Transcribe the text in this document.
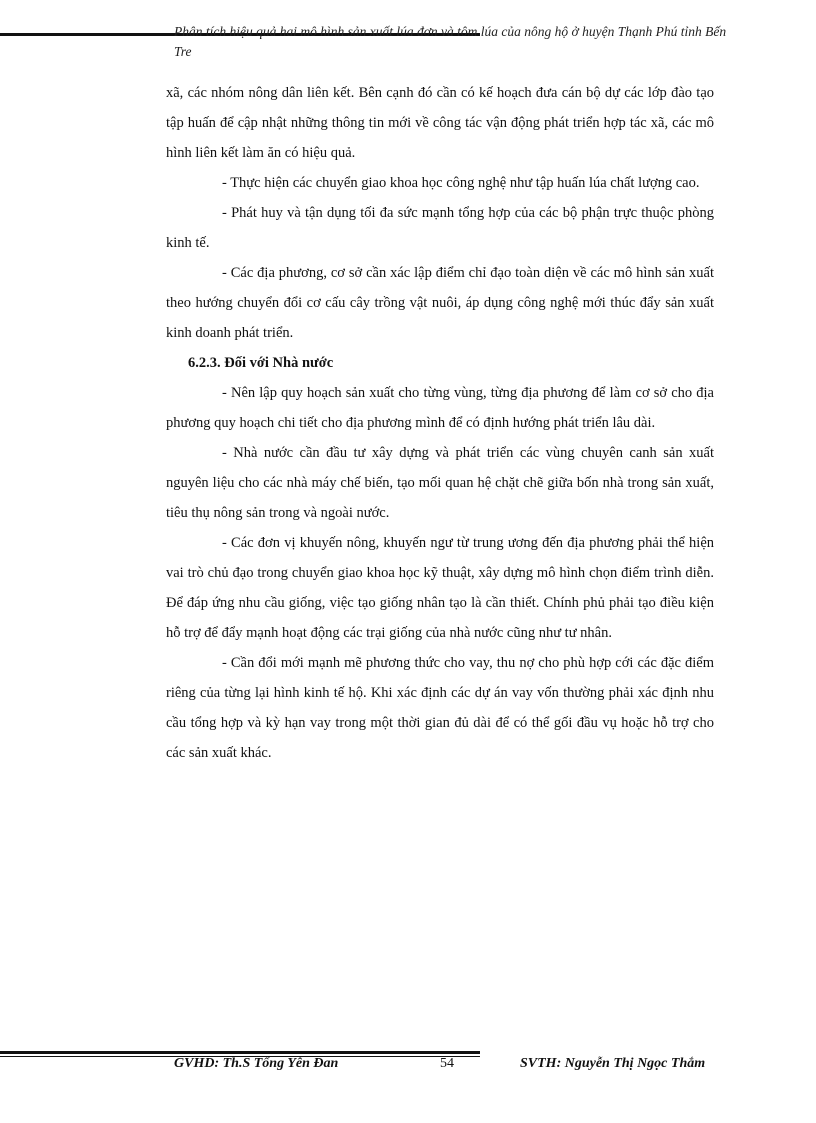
Phân tích hiệu quả hai mô hình sản xuất lúa đơn và tôm lúa của nông hộ ở huyện Thạnh Phú tỉnh Bến Tre

xã, các nhóm nông dân liên kết. Bên cạnh đó cần có kế hoạch đưa cán bộ dự các lớp đào tạo tập huấn để cập nhật những thông tin mới về công tác vận động phát triển hợp tác xã, các mô hình liên kết làm ăn có hiệu quả.

- Thực hiện các chuyển giao khoa học công nghệ như tập huấn lúa chất lượng cao.

- Phát huy và tận dụng tối đa sức mạnh tổng hợp của các bộ phận trực thuộc phòng kinh tế.

- Các địa phương, cơ sở cần xác lập điểm chỉ đạo toàn diện về các mô hình sản xuất theo hướng chuyển đổi cơ cấu cây trồng vật nuôi, áp dụng công nghệ mới thúc đẩy sản xuất kinh doanh phát triển.

6.2.3. Đối với Nhà nước

- Nên lập quy hoạch sản xuất cho từng vùng, từng địa phương để làm cơ sở cho địa phương quy hoạch chi tiết cho địa phương mình để có định hướng phát triển lâu dài.

- Nhà nước cần đầu tư xây dựng và phát triển các vùng chuyên canh sản xuất nguyên liệu cho các nhà máy chế biến, tạo mối quan hệ chặt chẽ giữa bốn nhà trong sản xuất, tiêu thụ nông sản trong và ngoài nước.

- Các đơn vị khuyến nông, khuyến ngư từ trung ương đến địa phương phải thể hiện vai trò chủ đạo trong chuyển giao khoa học kỹ thuật, xây dựng mô hình chọn điểm trình diễn. Để đáp ứng nhu cầu giống, việc tạo giống nhân tạo là cần thiết. Chính phủ phải tạo điều kiện hỗ trợ để đẩy mạnh hoạt động các trại giống của nhà nước cũng như tư nhân.

- Cần đổi mới mạnh mẽ phương thức cho vay, thu nợ cho phù hợp cới các đặc điểm riêng của từng lại hình kinh tế hộ. Khi xác định các dự án vay vốn thường phải xác định nhu cầu tổng hợp và kỳ hạn vay trong một thời gian đủ dài để có thể gối đầu vụ hoặc hỗ trợ cho các sản xuất khác.

GVHD: Th.S Tống Yên Đan	54	SVTH: Nguyễn Thị Ngọc Thắm
